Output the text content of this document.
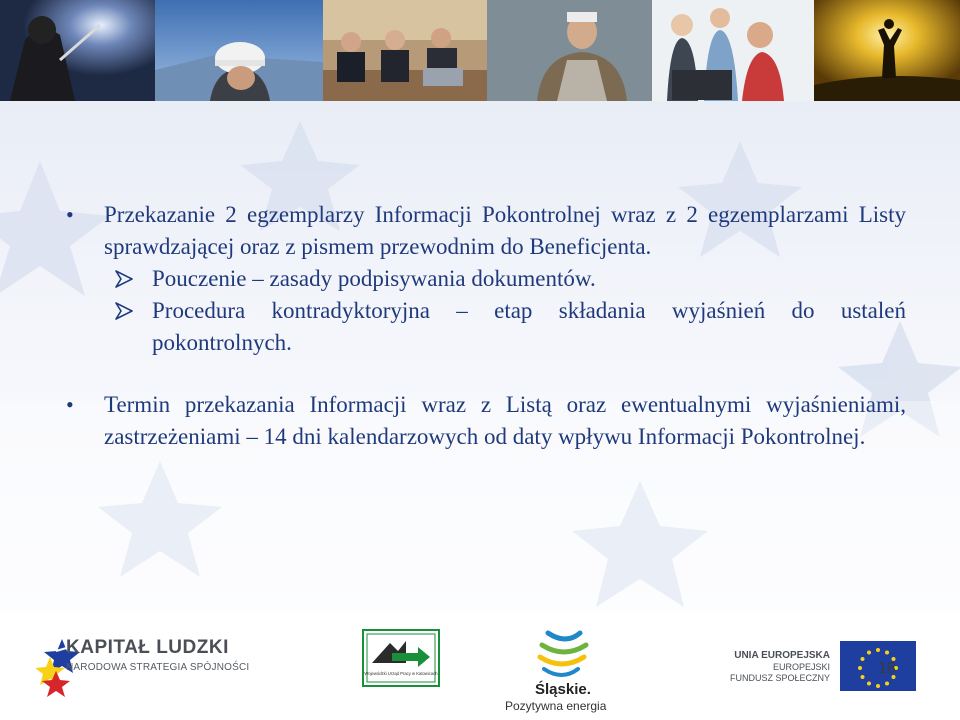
• Przekazanie 2 egzemplarzy Informacji Pokontrolnej wraz z 2 egzemplarzami Listy sprawdzającej oraz z pismem przewodnim do Beneficjenta.
Pouczenie – zasady podpisywania dokumentów.
Procedura kontradyktoryjna – etap składania wyjaśnień do ustaleń pokontrolnych.
• Termin przekazania Informacji wraz z Listą oraz ewentualnymi wyjaśnieniami, zastrzeżeniami – 14 dni kalendarzowych od daty wpływu Informacji Pokontrolnej.
KAPITAŁ LUDZKI
NARODOWA STRATEGIA SPÓJNOŚCI
Wojewódzki Urząd Pracy w Katowicach
Śląskie.
Pozytywna energia
UNIA EUROPEJSKA
EUROPEJSKI
FUNDUSZ SPOŁECZNY
18
